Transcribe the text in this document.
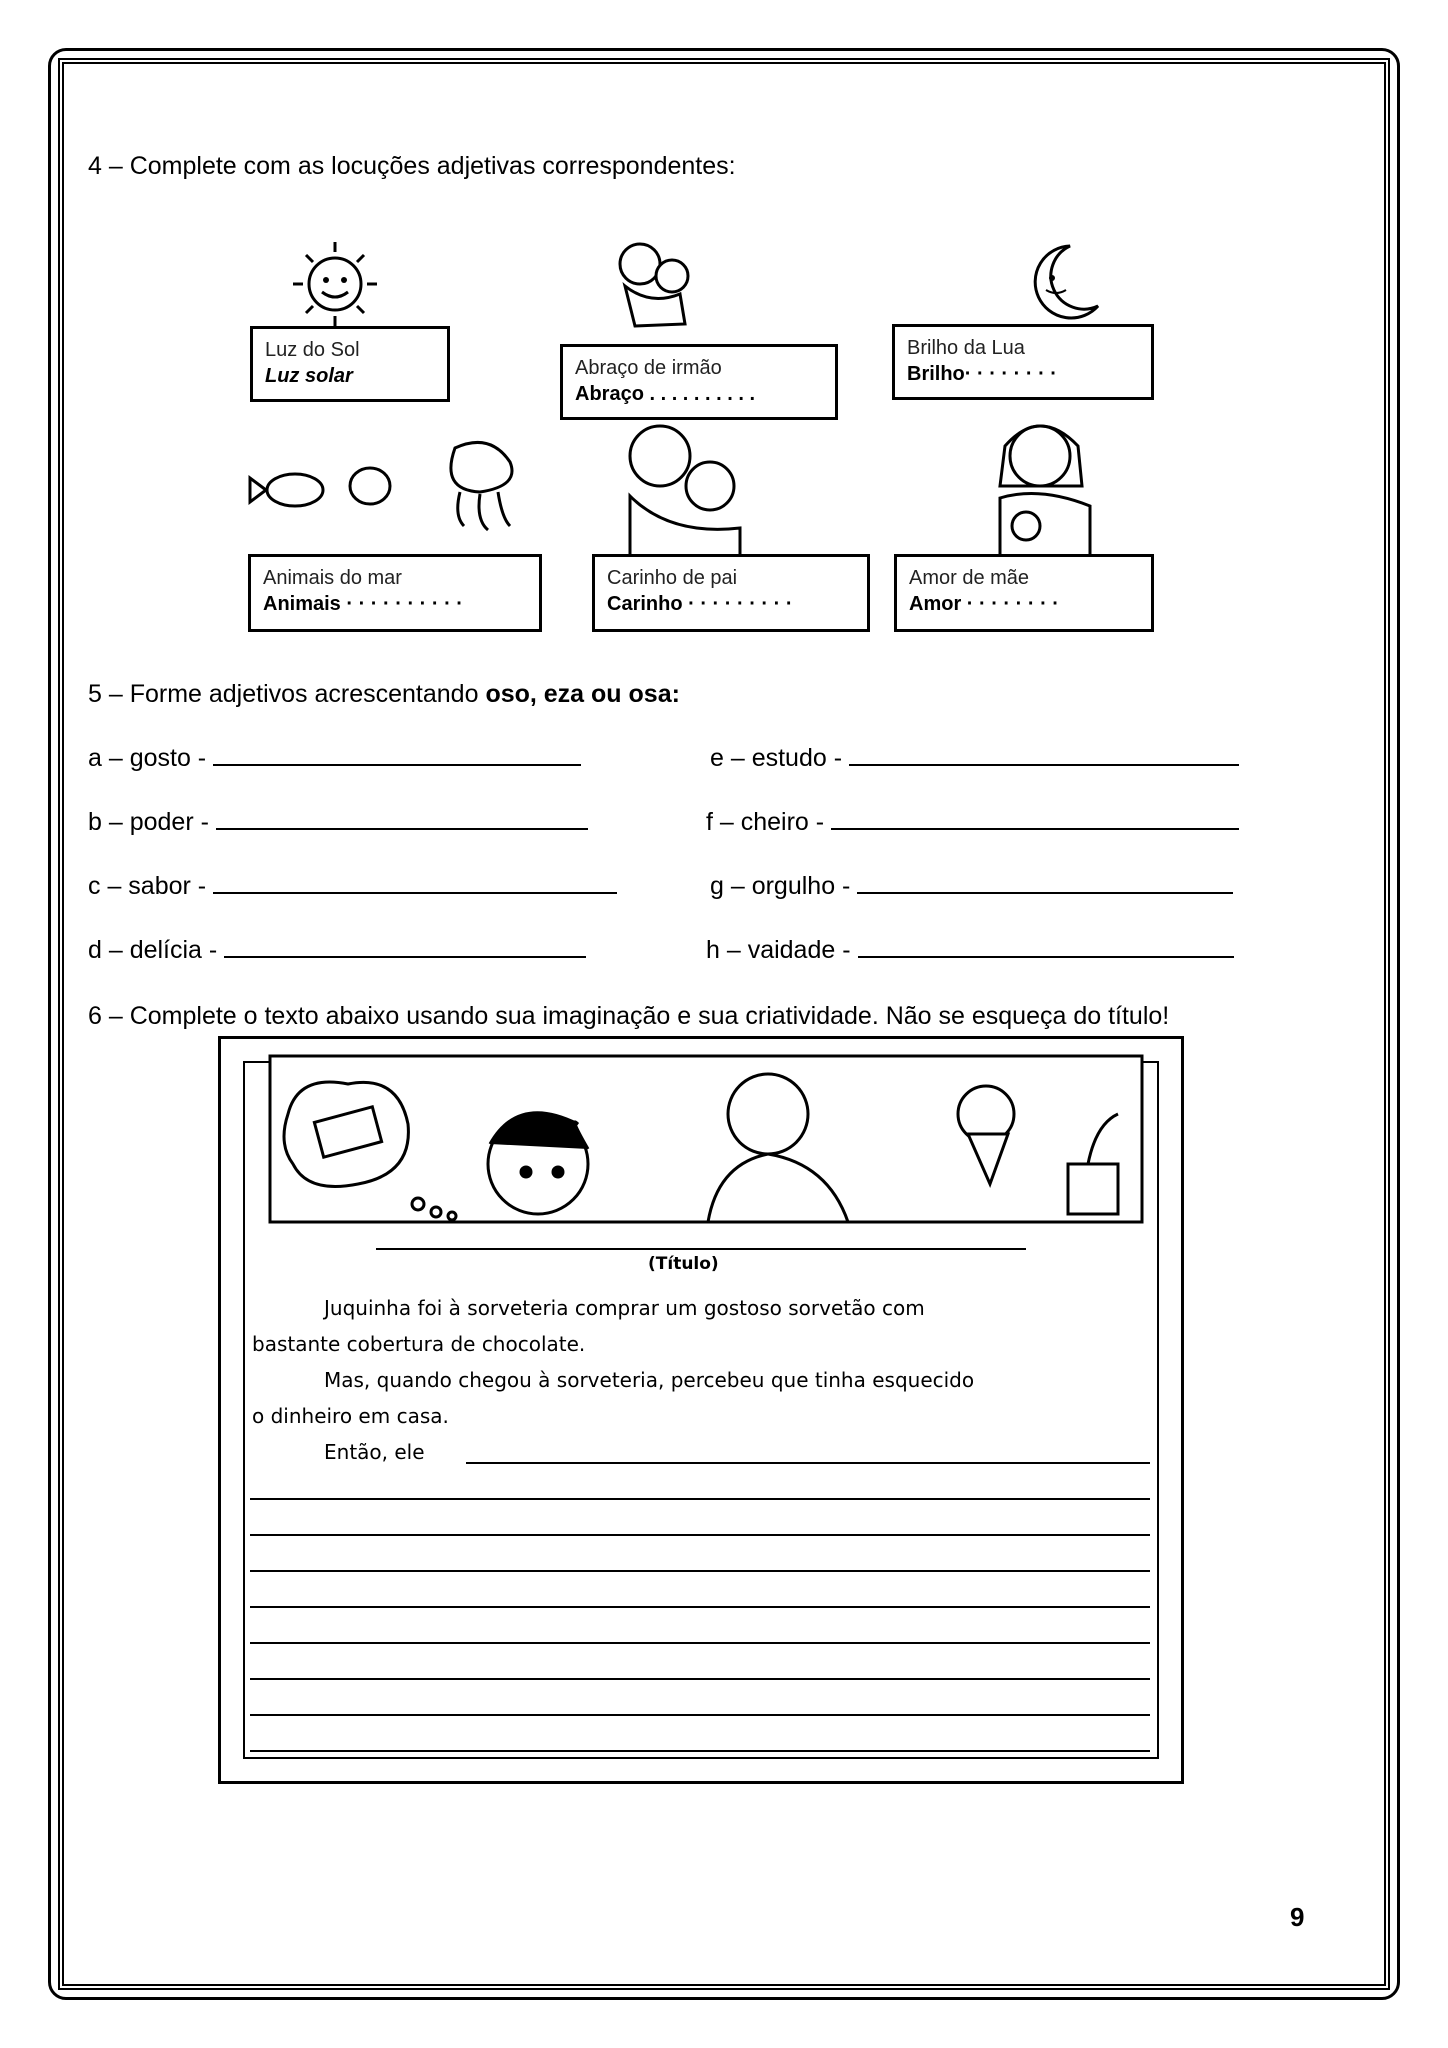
4 – Complete com as locuções adjetivas correspondentes:
Luz do Sol
Luz solar	Abraço de irmão
Abraço . . . . . . . . . .
Brilho da Lua
Brilho· · · · · · · ·
Animais do mar
Animais · · · · · · · · · ·
Carinho de pai
Carinho · · · · · · · · ·
Amor de mãe
Amor · · · · · · · ·
5 – Forme adjetivos acrescentando oso, eza ou osa:
a – gosto -	e – estudo -
b – poder -	f – cheiro -
c – sabor -	g – orgulho -
d – delícia -	h – vaidade -
6 – Complete o texto abaixo usando sua imaginação e sua criatividade. Não se esqueça do título!
(Título)
Juquinha foi à sorveteria comprar um gostoso sorvetão com
bastante cobertura de chocolate.
Mas, quando chegou à sorveteria, percebeu que tinha esquecido
o dinheiro em casa.
Então, ele
9
